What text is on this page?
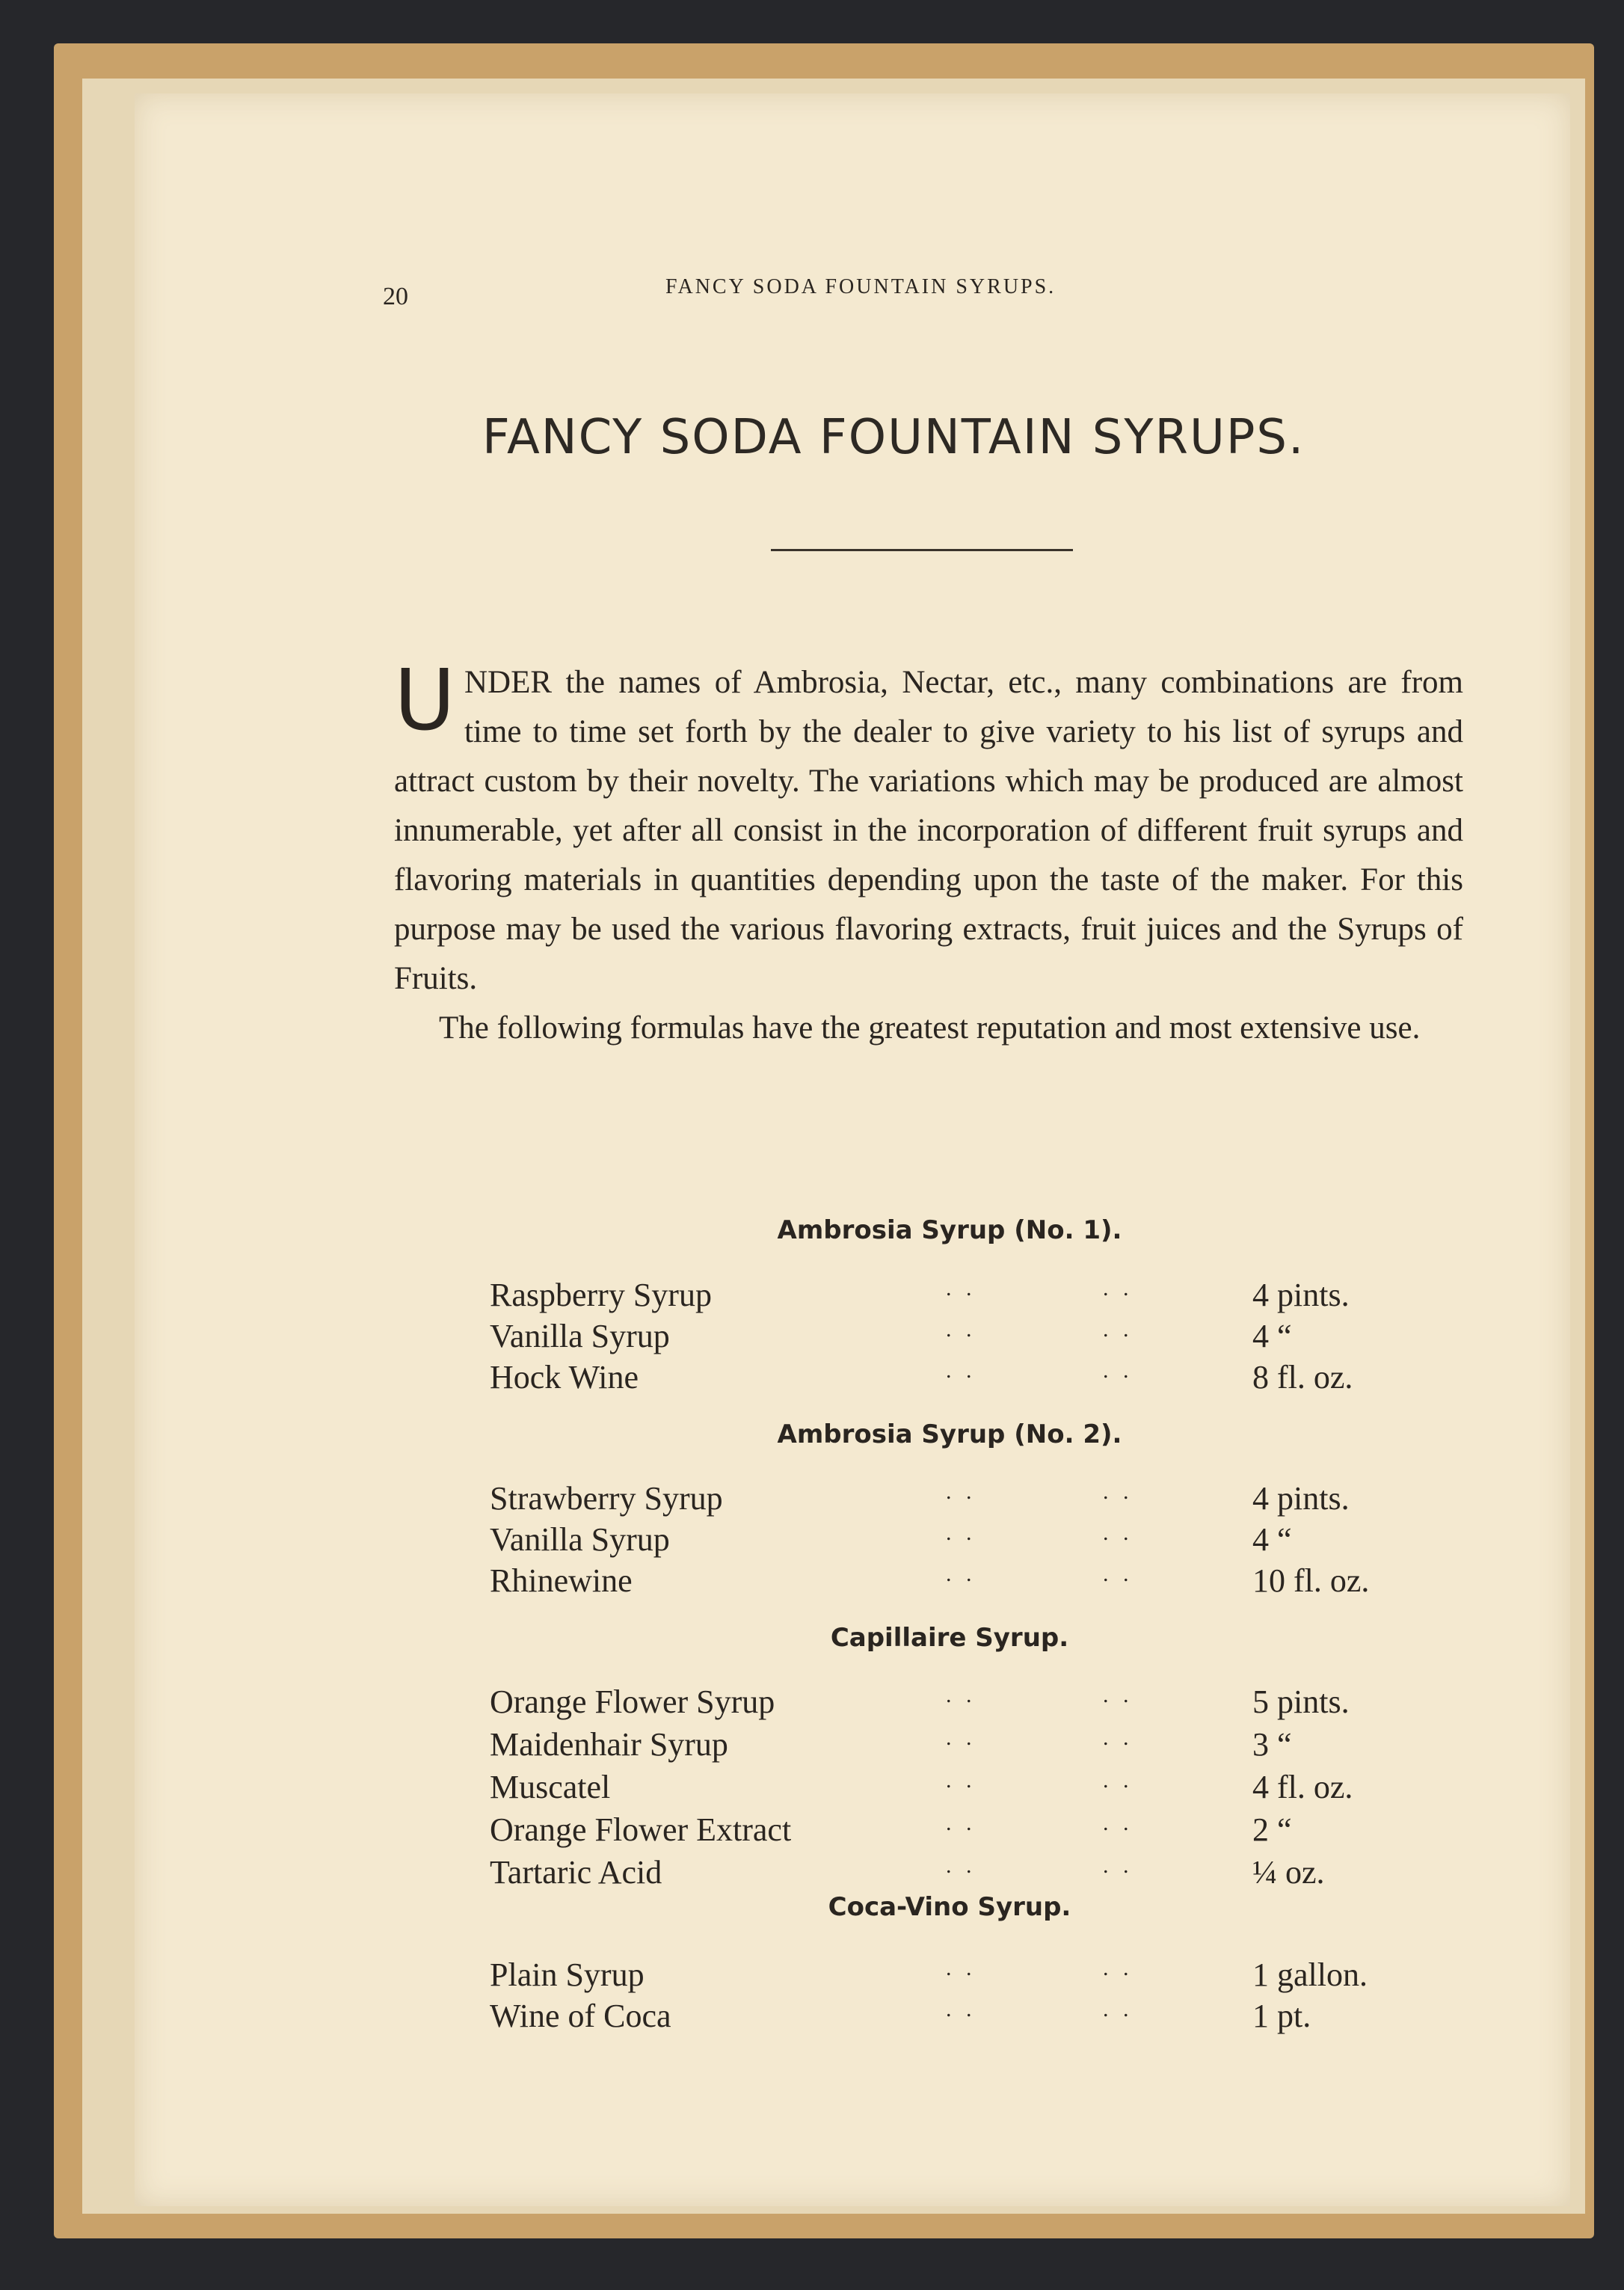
20	FANCY SODA FOUNTAIN SYRUPS.
FANCY SODA FOUNTAIN SYRUPS.

UNDER the names of Ambrosia, Nectar, etc., many combinations are from time to time set forth by the dealer to give variety to his list of syrups and attract custom by their novelty. The variations which may be produced are almost innumerable, yet after all consist in the incorporation of different fruit syrups and flavoring materials in quantities depending upon the taste of the maker. For this purpose may be used the various flavoring extracts, fruit juices and the Syrups of Fruits.

The following formulas have the greatest reputation and most extensive use.

Ambrosia Syrup (No. 1).
Raspberry Syrup	. .	. .	4 pints.
Vanilla Syrup	. .	. .	4 “
Hock Wine	. .	. .	8 fl. oz.
Ambrosia Syrup (No. 2).
Strawberry Syrup	. .	. .	4 pints.
Vanilla Syrup	. .	. .	4 “
Rhinewine	. .	. .	10 fl. oz.
Capillaire Syrup.
Orange Flower Syrup	. .	. .	5 pints.
Maidenhair Syrup	. .	. .	3 “
Muscatel	. .	. .	4 fl. oz.
Orange Flower Extract	. .	. .	2 “
Tartaric Acid	. .	. .	¼ oz.
Coca-Vino Syrup.
Plain Syrup	. .	. .	1 gallon.
Wine of Coca	. .	. .	1 pt.
